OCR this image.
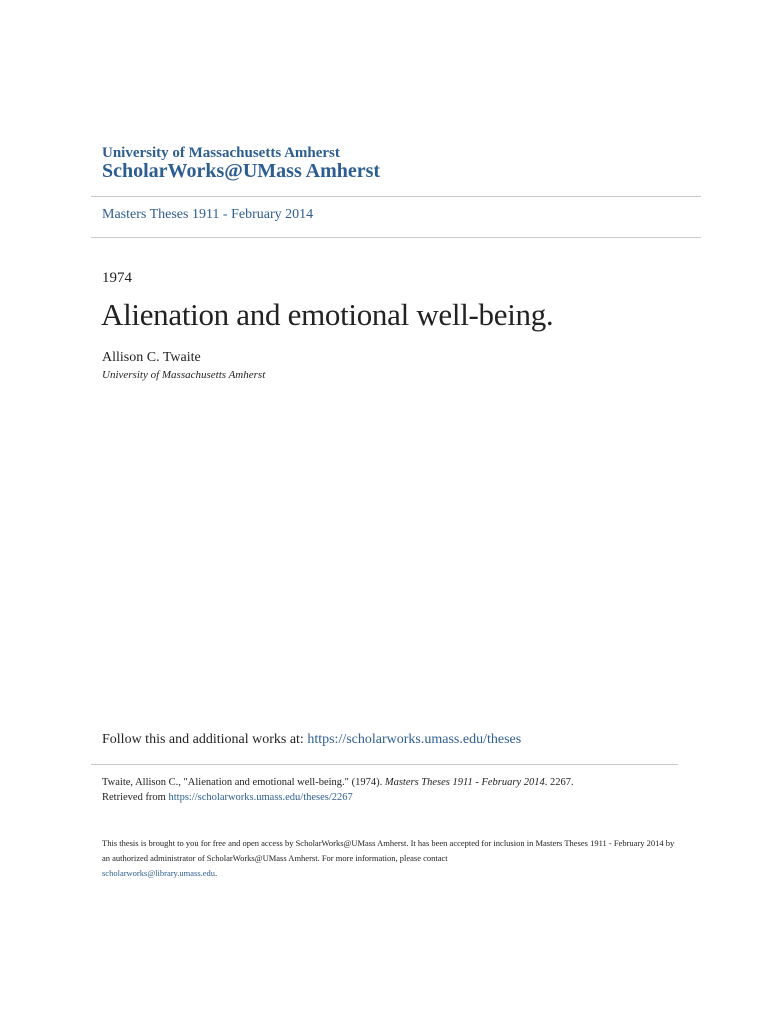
University of Massachusetts Amherst
ScholarWorks@UMass Amherst
Masters Theses 1911 - February 2014
1974
Alienation and emotional well-being.
Allison C. Twaite
University of Massachusetts Amherst
Follow this and additional works at: https://scholarworks.umass.edu/theses
Twaite, Allison C., "Alienation and emotional well-being." (1974). Masters Theses 1911 - February 2014. 2267.
Retrieved from https://scholarworks.umass.edu/theses/2267
This thesis is brought to you for free and open access by ScholarWorks@UMass Amherst. It has been accepted for inclusion in Masters Theses 1911 - February 2014 by an authorized administrator of ScholarWorks@UMass Amherst. For more information, please contact
scholarworks@library.umass.edu.
